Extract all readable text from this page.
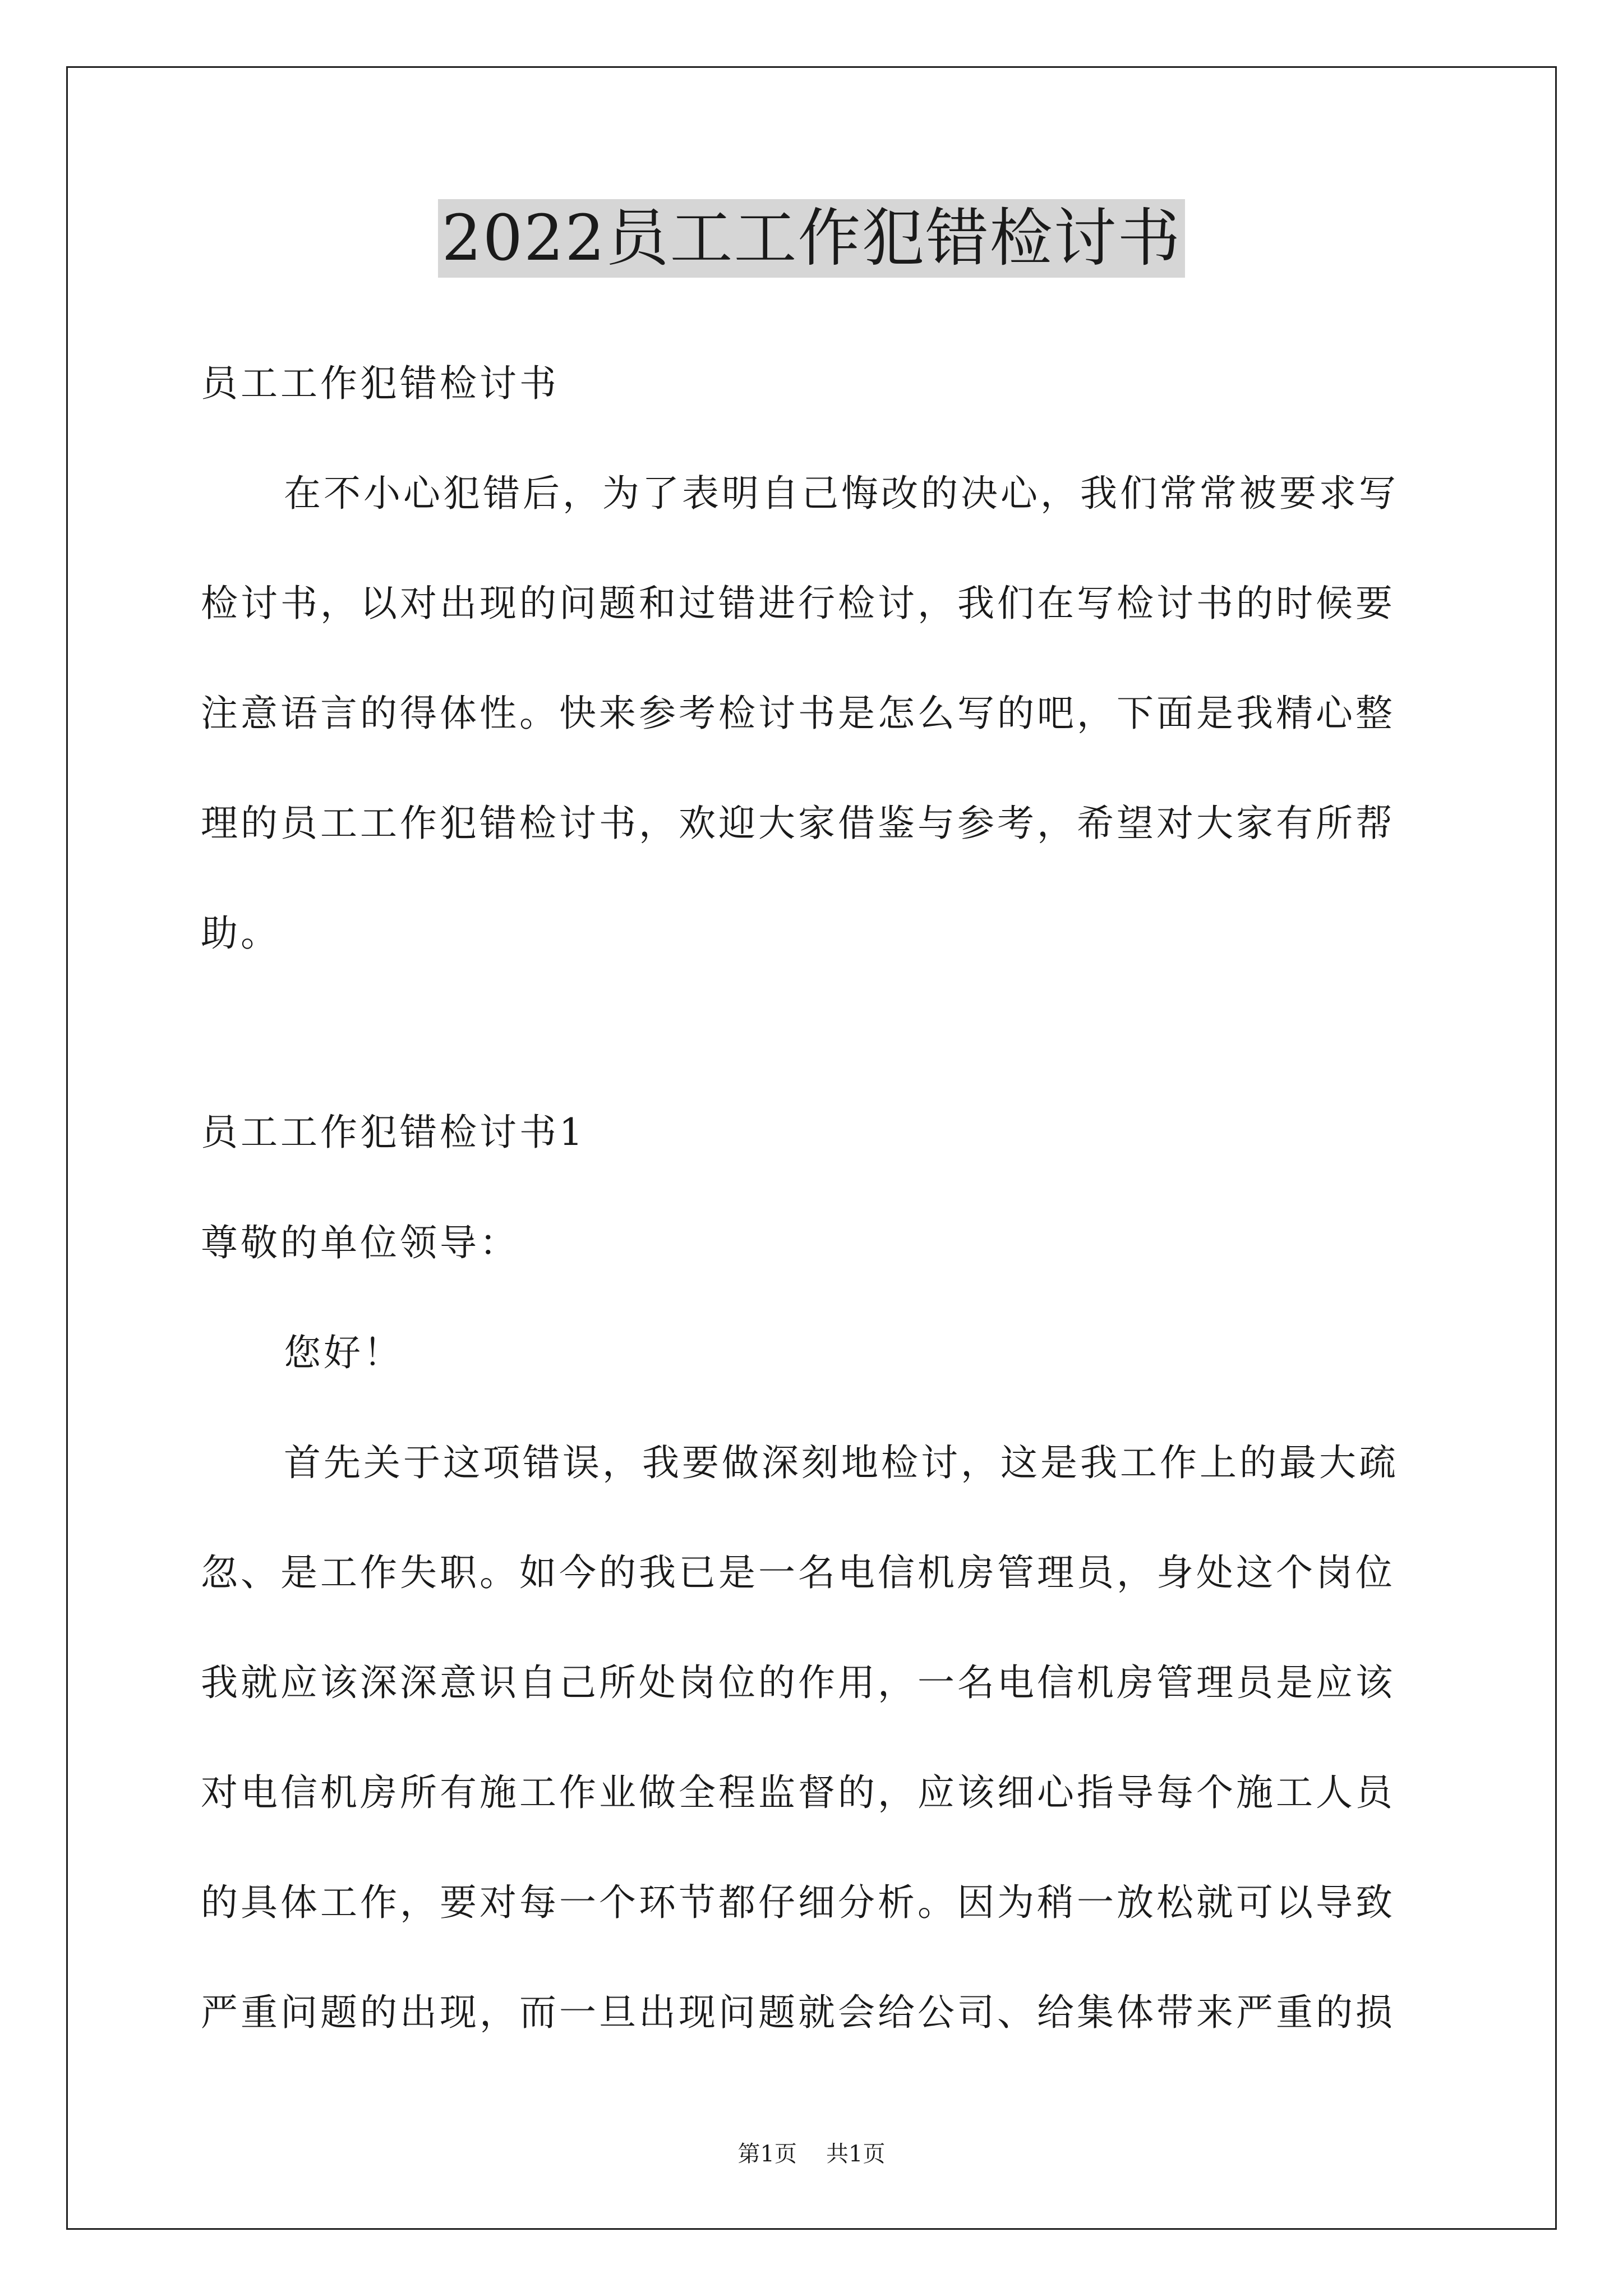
2022员工工作犯错检讨书
员工工作犯错检讨书
在不小心犯错后，为了表明自己悔改的决心，我们常常被要求写
检讨书，以对出现的问题和过错进行检讨，我们在写检讨书的时候要
注意语言的得体性。快来参考检讨书是怎么写的吧，下面是我精心整
理的员工工作犯错检讨书，欢迎大家借鉴与参考，希望对大家有所帮
助。
员工工作犯错检讨书1
尊敬的单位领导：
您好！
首先关于这项错误，我要做深刻地检讨，这是我工作上的最大疏
忽、是工作失职。如今的我已是一名电信机房管理员，身处这个岗位
我就应该深深意识自己所处岗位的作用，一名电信机房管理员是应该
对电信机房所有施工作业做全程监督的，应该细心指导每个施工人员
的具体工作，要对每一个环节都仔细分析。因为稍一放松就可以导致
严重问题的出现，而一旦出现问题就会给公司、给集体带来严重的损
第1页 共1页
